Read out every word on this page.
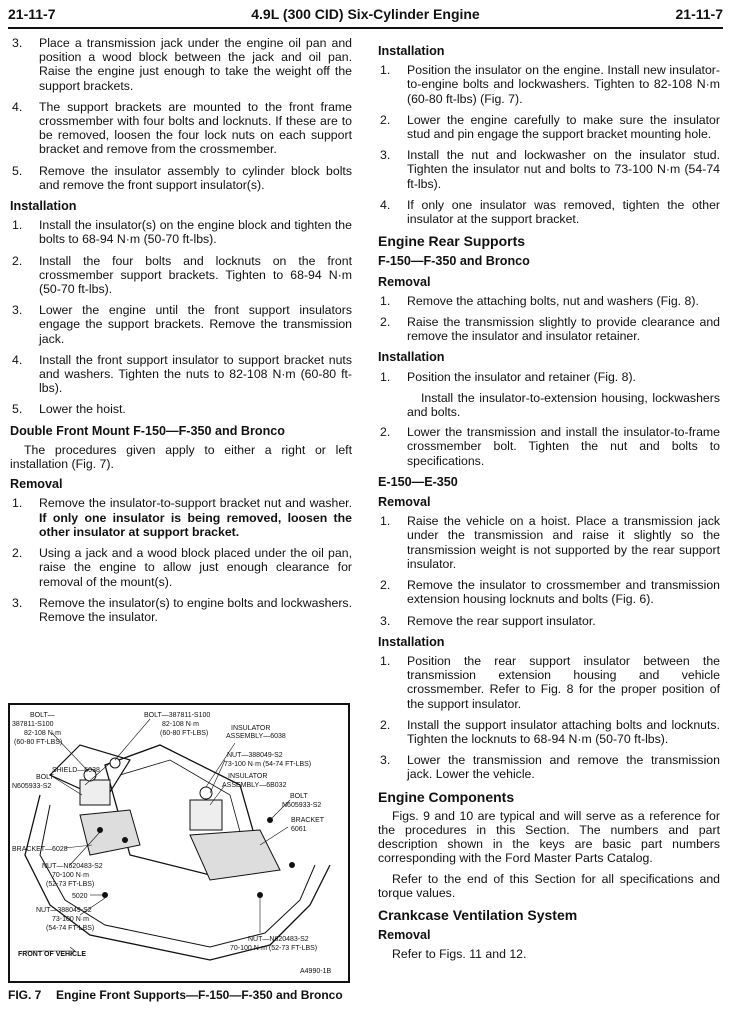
21-11-7	4.9L (300 CID) Six-Cylinder Engine	21-11-7
3. Place a transmission jack under the engine oil pan and position a wood block between the jack and oil pan. Raise the engine just enough to take the weight off the support brackets.
4. The support brackets are mounted to the front frame crossmember with four bolts and locknuts. If these are to be removed, loosen the four lock nuts on each support bracket and remove from the crossmember.
5. Remove the insulator assembly to cylinder block bolts and remove the front support insulator(s).
Installation
1. Install the insulator(s) on the engine block and tighten the bolts to 68-94 N·m (50-70 ft-lbs).
2. Install the four bolts and locknuts on the front crossmember support brackets. Tighten to 68-94 N·m (50-70 ft-lbs).
3. Lower the engine until the front support insulators engage the support brackets. Remove the transmission jack.
4. Install the front support insulator to support bracket nuts and washers. Tighten the nuts to 82-108 N·m (60-80 ft-lbs).
5. Lower the hoist.
Double Front Mount F-150—F-350 and Bronco

The procedures given apply to either a right or left installation (Fig. 7).

Removal
1. Remove the insulator-to-support bracket nut and washer. If only one insulator is being removed, loosen the other insulator at support bracket.
2. Using a jack and a wood block placed under the oil pan, raise the engine to allow just enough clearance for removal of the mount(s).
3. Remove the insulator(s) to engine bolts and lockwashers. Remove the insulator.
BOLT—
387811-S100
82-108 N·m
(60-80 FT-LBS)
BOLT—387811-S100
82-108 N·m
(60-80 FT-LBS)
INSULATOR
ASSEMBLY—6038
SHIELD—6038
NUT—388049-S2
73-100 N·m (54-74 FT-LBS)
BOLT
N605933-S2
INSULATOR
ASSEMBLY—6B032
BOLT
N605933-S2
BRACKET
6061
BRACKET—6028
NUT—N620483-S2
70-100 N·m
(52-73 FT-LBS)
5020
NUT—388049-S2
73-100 N·m
(54-74 FT-LBS)
NUT—N620483-S2
70-100 N·m (52-73 FT-LBS)
FRONT OF VEHICLE
A4990-1B
FIG. 7 Engine Front Supports—F-150—F-350 and Bronco
Installation
1. Position the insulator on the engine. Install new insulator-to-engine bolts and lockwashers. Tighten to 82-108 N·m (60-80 ft-lbs) (Fig. 7).
2. Lower the engine carefully to make sure the insulator stud and pin engage the support bracket mounting hole.
3. Install the nut and lockwasher on the insulator stud. Tighten the insulator nut and bolts to 73-100 N·m (54-74 ft-lbs).
4. If only one insulator was removed, tighten the other insulator at the support bracket.
Engine Rear Supports
F-150—F-350 and Bronco
Removal
1. Remove the attaching bolts, nut and washers (Fig. 8).
2. Raise the transmission slightly to provide clearance and remove the insulator and insulator retainer.
Installation
1. Position the insulator and retainer (Fig. 8).

Install the insulator-to-extension housing, lockwashers and bolts.

2. Lower the transmission and install the insulator-to-frame crossmember bolt. Tighten the nut and bolts to specifications.
E-150—E-350
Removal
1. Raise the vehicle on a hoist. Place a transmission jack under the transmission and raise it slightly so the transmission weight is not supported by the rear support insulator.
2. Remove the insulator to crossmember and transmission extension housing locknuts and bolts (Fig. 6).
3. Remove the rear support insulator.
Installation
1. Position the rear support insulator between the transmission extension housing and vehicle crossmember. Refer to Fig. 8 for the proper position of the support insulator.
2. Install the support insulator attaching bolts and locknuts. Tighten the locknuts to 68-94 N·m (50-70 ft-lbs).
3. Lower the transmission and remove the transmission jack. Lower the vehicle.
Engine Components

Figs. 9 and 10 are typical and will serve as a reference for the procedures in this Section. The numbers and part description shown in the keys are basic part numbers corresponding with the Ford Master Parts Catalog.

Refer to the end of this Section for all specifications and torque values.

Crankcase Ventilation System
Removal

Refer to Figs. 11 and 12.
